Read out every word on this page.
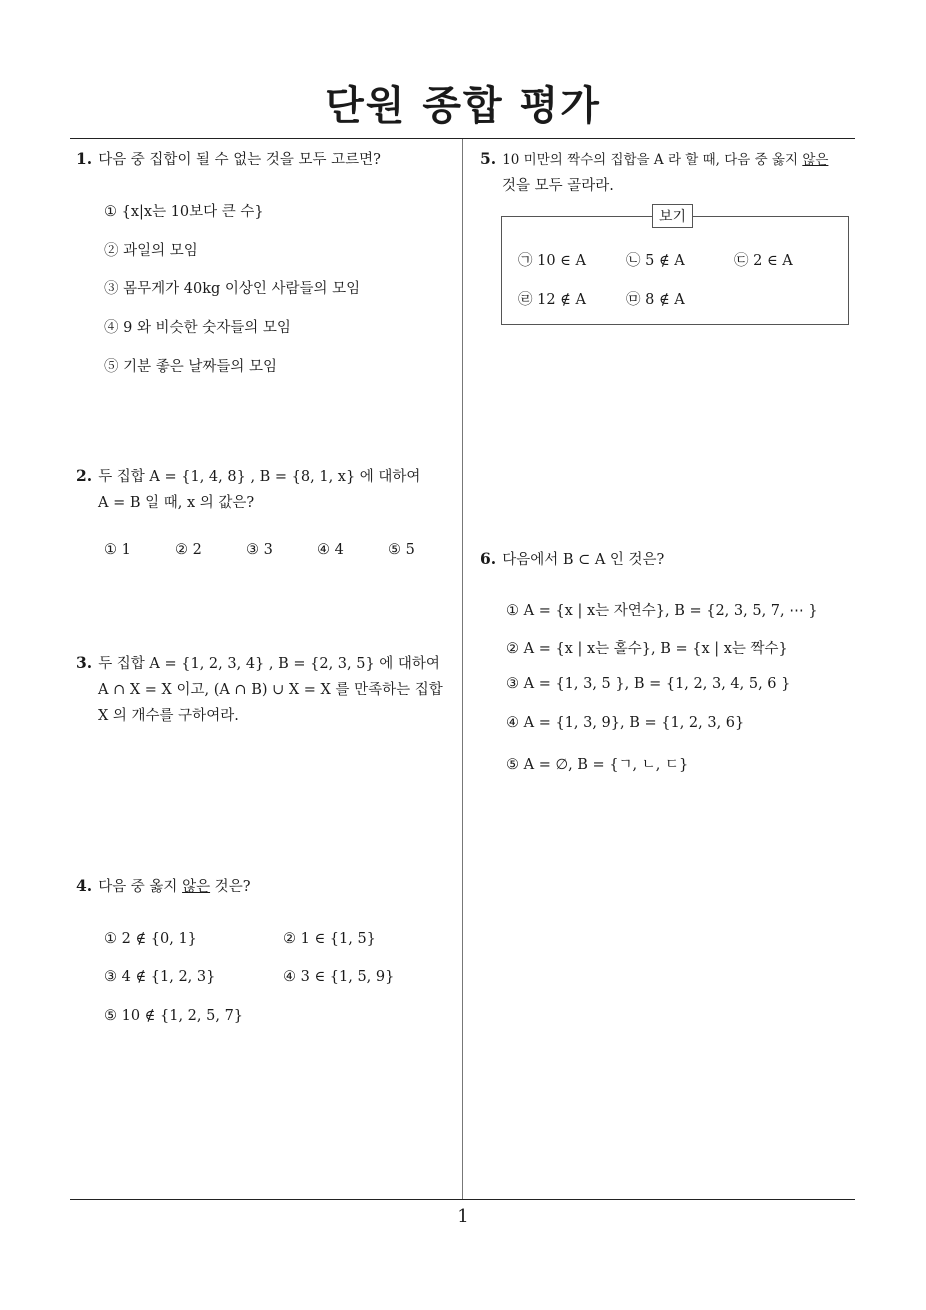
단원 종합 평가
1
1. 다음 중 집합이 될 수 없는 것을 모두 고르면?
① {x|x는 10보다 큰 수}
② 과일의 모임
③ 몸무게가 40kg 이상인 사람들의 모임
④ 9 와 비슷한 숫자들의 모임
⑤ 기분 좋은 날짜들의 모임
2. 두 집합 A = {1, 4, 8} , B = {8, 1, x} 에 대하여
A = B 일 때, x 의 값은?
① 1	② 2	③ 3	④ 4	⑤ 5
3. 두 집합 A = {1, 2, 3, 4} , B = {2, 3, 5} 에 대하여
A ∩ X = X 이고, (A ∩ B) ∪ X = X 를 만족하는 집합
X 의 개수를 구하여라.
4. 다음 중 옳지 않은 것은?
① 2 ∉ {0, 1}	② 1 ∈ {1, 5}
③ 4 ∉ {1, 2, 3}	④ 3 ∈ {1, 5, 9}
⑤ 10 ∉ {1, 2, 5, 7}
5. 10 미만의 짝수의 집합을 A 라 할 때, 다음 중 옳지 않은
것을 모두 골라라.
보기
㉠ 10 ∈ A	㉡ 5 ∉ A	㉢ 2 ∈ A
㉣ 12 ∉ A	㉤ 8 ∉ A
6. 다음에서 B ⊂ A 인 것은?
① A = {x | x는 자연수}, B = {2, 3, 5, 7, ⋯ }
② A = {x | x는 홀수}, B = {x | x는 짝수}
③ A = {1, 3, 5 }, B = {1, 2, 3, 4, 5, 6 }
④ A = {1, 3, 9}, B = {1, 2, 3, 6}
⑤ A = ∅, B = {ㄱ, ㄴ, ㄷ}
